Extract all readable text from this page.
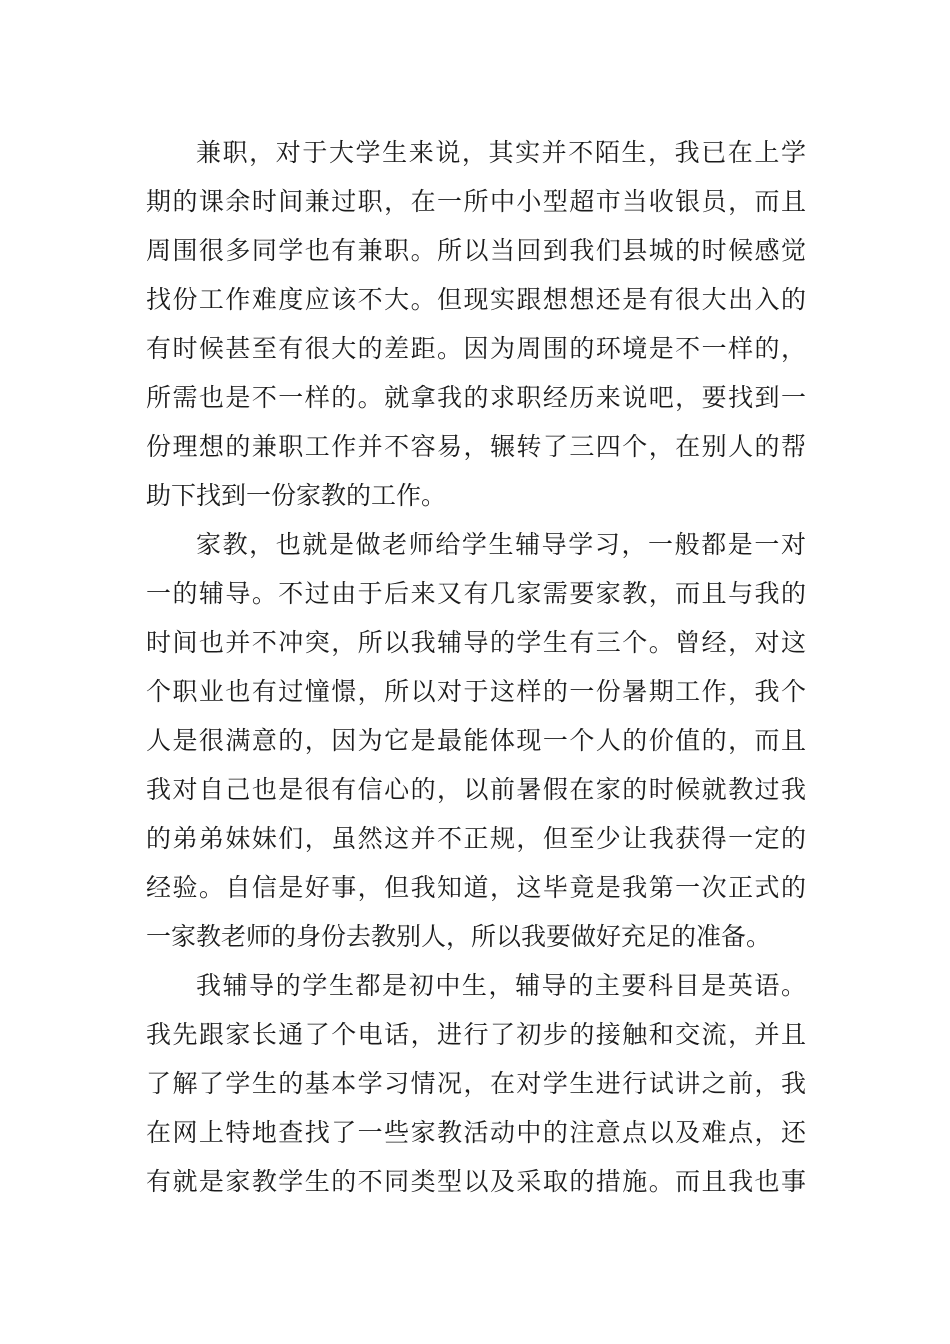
兼职，对于大学生来说，其实并不陌生，我已在上学
期的课余时间兼过职，在一所中小型超市当收银员，而且
周围很多同学也有兼职。所以当回到我们县城的时候感觉
找份工作难度应该不大。但现实跟想想还是有很大出入的
有时候甚至有很大的差距。因为周围的环境是不一样的，
所需也是不一样的。就拿我的求职经历来说吧，要找到一
份理想的兼职工作并不容易，辗转了三四个，在别人的帮
助下找到一份家教的工作。
家教，也就是做老师给学生辅导学习，一般都是一对
一的辅导。不过由于后来又有几家需要家教，而且与我的
时间也并不冲突，所以我辅导的学生有三个。曾经，对这
个职业也有过憧憬，所以对于这样的一份暑期工作，我个
人是很满意的，因为它是最能体现一个人的价值的，而且
我对自己也是很有信心的，以前暑假在家的时候就教过我
的弟弟妹妹们，虽然这并不正规，但至少让我获得一定的
经验。自信是好事，但我知道，这毕竟是我第一次正式的
一家教老师的身份去教别人，所以我要做好充足的准备。
我辅导的学生都是初中生，辅导的主要科目是英语。
我先跟家长通了个电话，进行了初步的接触和交流，并且
了解了学生的基本学习情况，在对学生进行试讲之前，我
在网上特地查找了一些家教活动中的注意点以及难点，还
有就是家教学生的不同类型以及采取的措施。而且我也事
